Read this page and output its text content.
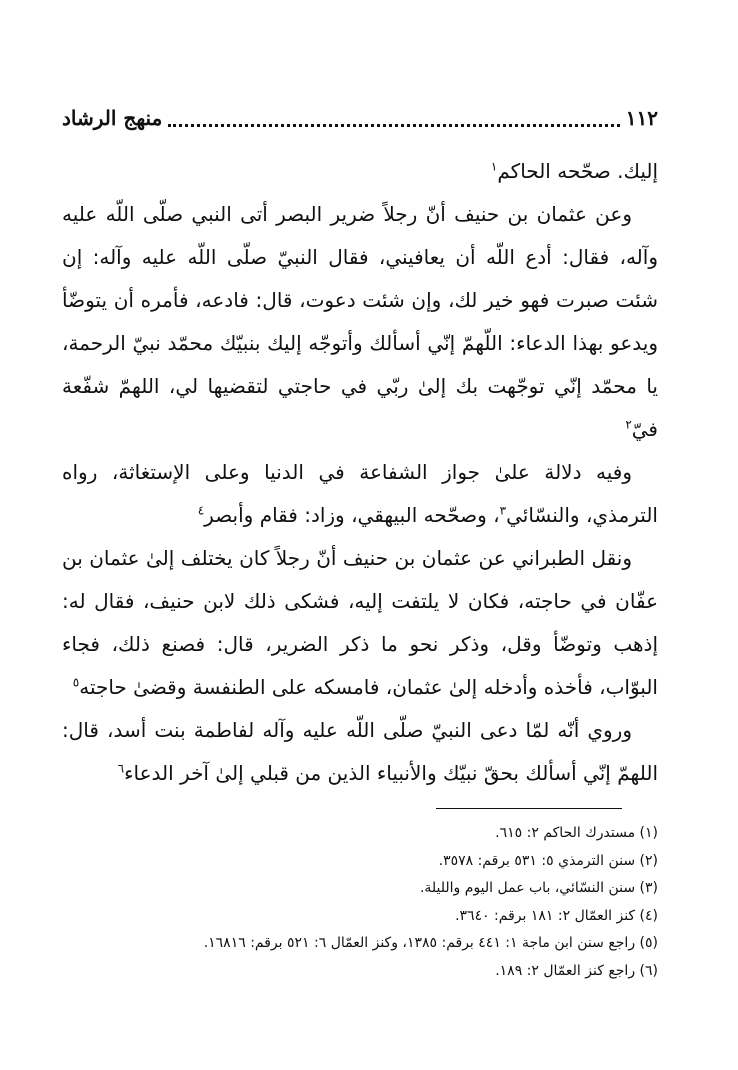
١١٢
منهج الرشاد

إليك. صحّحه الحاكم$^١$

وعن عثمان بن حنيف أنّ رجلاً ضرير البصر أتى النبي صلّى اللّه عليه وآله، فقال: أدع اللّه أن يعافيني، فقال النبيّ صلّى اللّه عليه وآله: إن شئت صبرت فهو خير لك، وإن شئت دعوت، قال: فادعه، فأمره أن يتوضّأ ويدعو بهذا الدعاء: اللّهمّ إنّي أسألك وأتوجّه إليك بنبيّك محمّد نبيّ الرحمة، يا محمّد إنّي توجّهت بك إلىٰ ربّي في حاجتي لتقضيها لي، اللهمّ شفّعة فيّ$^٢$

وفيه دلالة علىٰ جواز الشفاعة في الدنيا وعلى الإستغاثة، رواه الترمذي، والنسّائي$^٣$، وصحّحه البيهقي، وزاد: فقام وأبصر$^٤$

ونقل الطبراني عن عثمان بن حنيف أنّ رجلاً كان يختلف إلىٰ عثمان بن عفّان في حاجته، فكان لا يلتفت إليه، فشكى ذلك لابن حنيف، فقال له: إذهب وتوضّأ وقل، وذكر نحو ما ذكر الضرير، قال: فصنع ذلك، فجاء البوّاب، فأخذه وأدخله إلىٰ عثمان، فامسكه على الطنفسة وقضىٰ حاجته$^٥$

وروي أنّه لمّا دعى النبيّ صلّى اللّه عليه وآله لفاطمة بنت أسد، قال: اللهمّ إنّي أسألك بحقّ نبيّك والأنبياء الذين من قبلي إلىٰ آخر الدعاء$^٦$

(١) مستدرك الحاكم ٢: ٦١٥.

(٢) سنن الترمذي ٥: ٥٣١ برقم: ٣٥٧٨.

(٣) سنن النسّائي، باب عمل اليوم والليلة.

(٤) كنز العمّال ٢: ١٨١ برقم: ٣٦٤٠.

(٥) راجع سنن ابن ماجة ١: ٤٤١ برقم: ١٣٨٥، وكنز العمّال ٦: ٥٢١ برقم: ١٦٨١٦.

(٦) راجع كنز العمّال ٢: ١٨٩.
